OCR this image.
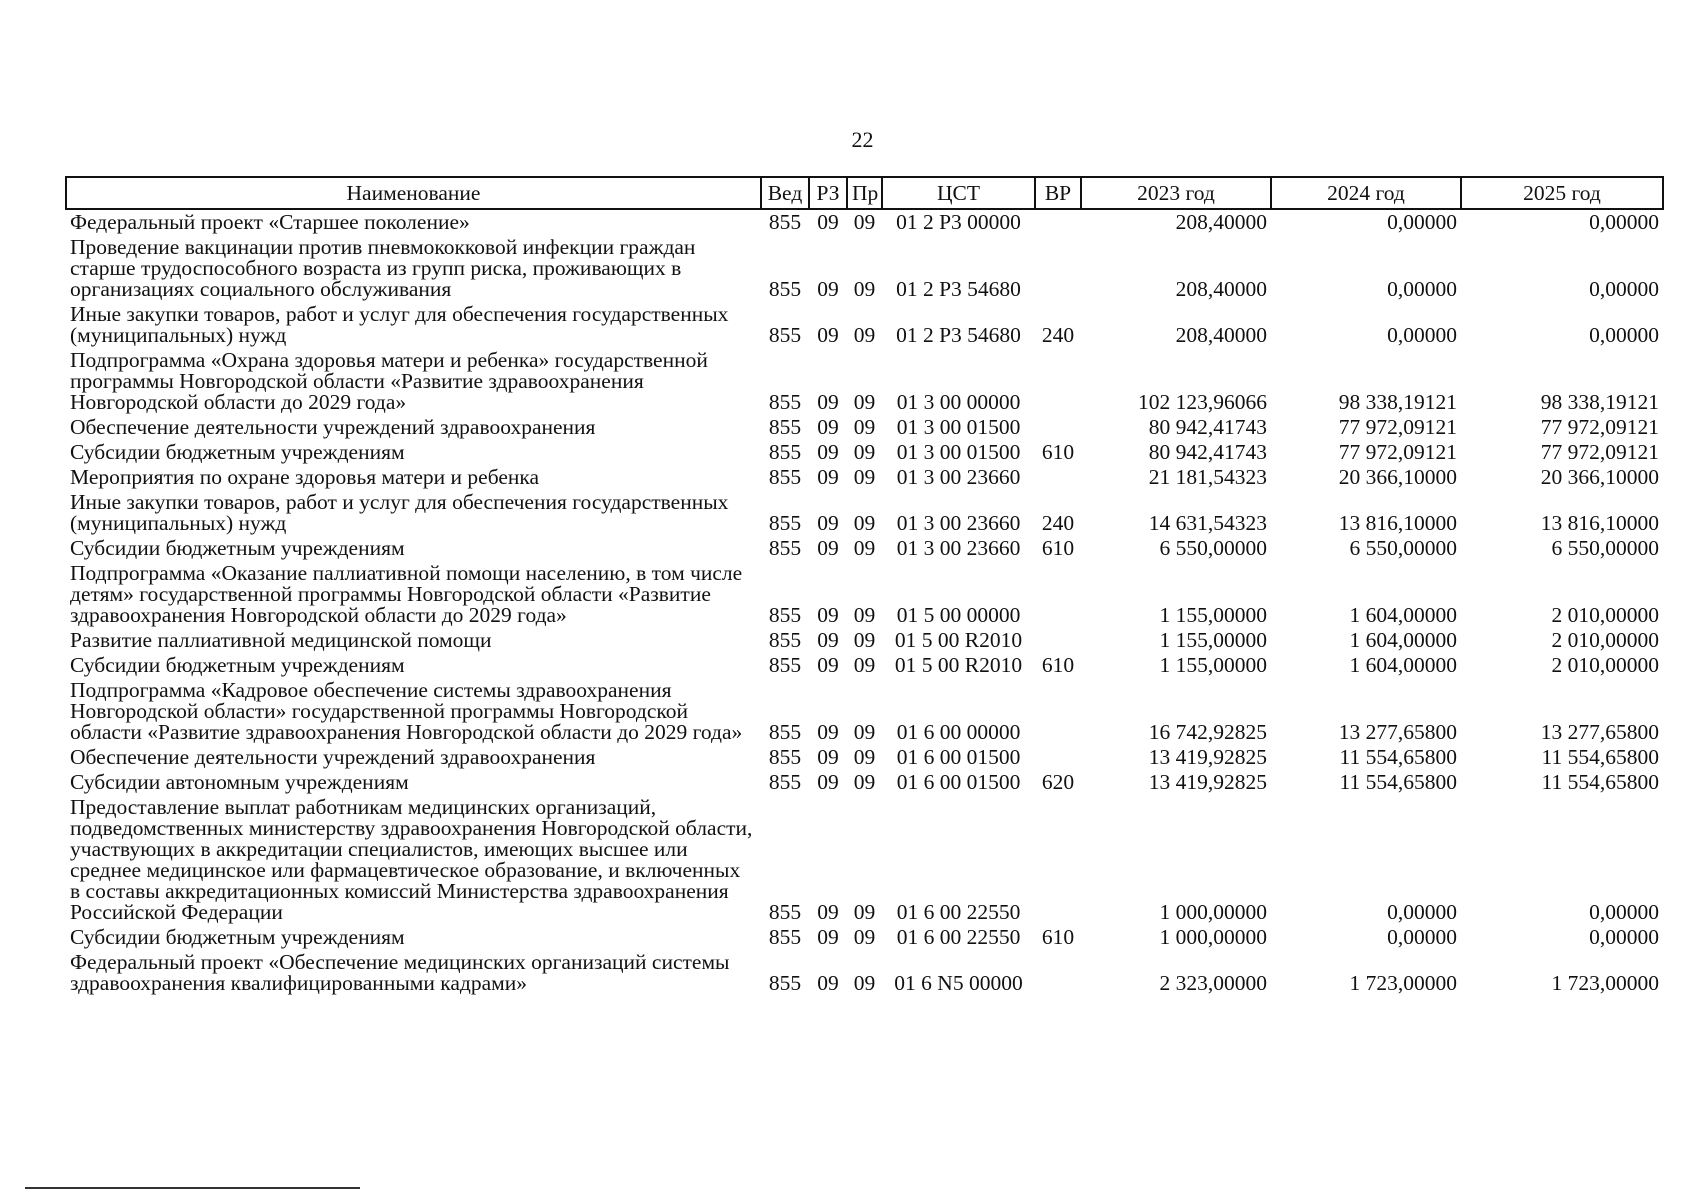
22
Наименование	Вед	РЗ	Пр	ЦСТ	ВР	2023 год	2024 год	2025 год
Федеральный проект «Старшее поколение»	855	09	09	01 2 Р3 00000		208,40000	0,00000	0,00000
Проведение вакцинации против пневмококковой инфекции граждан старше трудоспособного возраста из групп риска, проживающих в организациях социального обслуживания	855	09	09	01 2 Р3 54680		208,40000	0,00000	0,00000
Иные закупки товаров, работ и услуг для обеспечения государственных (муниципальных) нужд	855	09	09	01 2 Р3 54680	240	208,40000	0,00000	0,00000
Подпрограмма «Охрана здоровья матери и ребенка» государственной программы Новгородской области «Развитие здравоохранения Новгородской области до 2029 года»	855	09	09	01 3 00 00000		102 123,96066	98 338,19121	98 338,19121
Обеспечение деятельности учреждений здравоохранения	855	09	09	01 3 00 01500		80 942,41743	77 972,09121	77 972,09121
Субсидии бюджетным учреждениям	855	09	09	01 3 00 01500	610	80 942,41743	77 972,09121	77 972,09121
Мероприятия по охране здоровья матери и ребенка	855	09	09	01 3 00 23660		21 181,54323	20 366,10000	20 366,10000
Иные закупки товаров, работ и услуг для обеспечения государственных (муниципальных) нужд	855	09	09	01 3 00 23660	240	14 631,54323	13 816,10000	13 816,10000
Субсидии бюджетным учреждениям	855	09	09	01 3 00 23660	610	6 550,00000	6 550,00000	6 550,00000
Подпрограмма «Оказание паллиативной помощи населению, в том числе детям» государственной программы Новгородской области «Развитие здравоохранения Новгородской области до 2029 года»	855	09	09	01 5 00 00000		1 155,00000	1 604,00000	2 010,00000
Развитие паллиативной медицинской помощи	855	09	09	01 5 00 R2010		1 155,00000	1 604,00000	2 010,00000
Субсидии бюджетным учреждениям	855	09	09	01 5 00 R2010	610	1 155,00000	1 604,00000	2 010,00000
Подпрограмма «Кадровое обеспечение системы здравоохранения Новгородской области» государственной программы Новгородской области «Развитие здравоохранения Новгородской области до 2029 года»	855	09	09	01 6 00 00000		16 742,92825	13 277,65800	13 277,65800
Обеспечение деятельности учреждений здравоохранения	855	09	09	01 6 00 01500		13 419,92825	11 554,65800	11 554,65800
Субсидии автономным учреждениям	855	09	09	01 6 00 01500	620	13 419,92825	11 554,65800	11 554,65800
Предоставление выплат работникам медицинских организаций, подведомственных министерству здравоохранения Новгородской области, участвующих в аккредитации специалистов, имеющих высшее или среднее медицинское или фармацевтическое образование, и включенных в составы аккредитационных комиссий Министерства здравоохранения Российской Федерации	855	09	09	01 6 00 22550		1 000,00000	0,00000	0,00000
Субсидии бюджетным учреждениям	855	09	09	01 6 00 22550	610	1 000,00000	0,00000	0,00000
Федеральный проект «Обеспечение медицинских организаций системы здравоохранения квалифицированными кадрами»	855	09	09	01 6 N5 00000		2 323,00000	1 723,00000	1 723,00000
